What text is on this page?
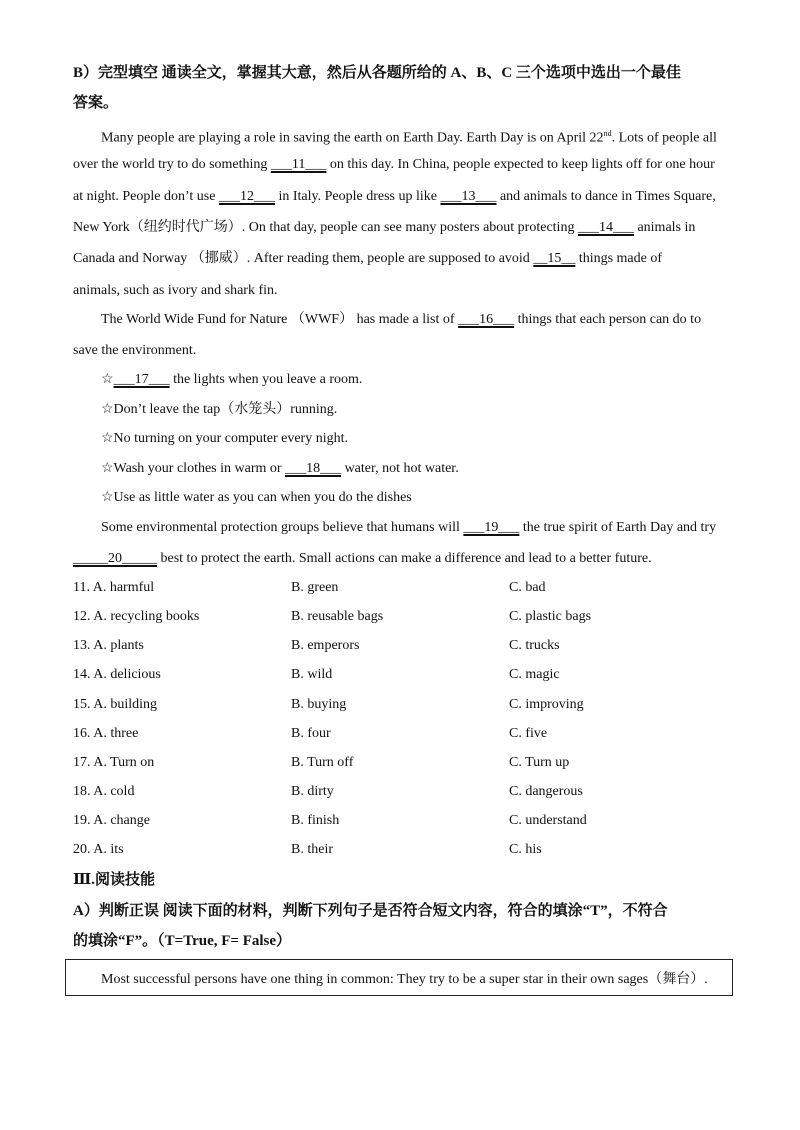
B）完型填空 通读全文，掌握其大意，然后从各题所给的 A、B、C 三个选项中选出一个最佳
答案。
Many people are playing a role in saving the earth on Earth Day. Earth Day is on April 22nd. Lots of people all
over the world try to do something ___11___ on this day. In China, people expected to keep lights off for one hour
at night. People don’t use ___12___ in Italy. People dress up like ___13___ and animals to dance in Times Square,
New York（纽约时代广场）. On that day, people can see many posters about protecting ___14___ animals in
Canada and Norway （挪威）. After reading them, people are supposed to avoid __15__ things made of
animals, such as ivory and shark fin.
The World Wide Fund for Nature （WWF） has made a list of ___16___ things that each person can do to
save the environment.
☆___17___ the lights when you leave a room.
☆Don’t leave the tap（水笼头）running.
☆No turning on your computer every night.
☆Wash your clothes in warm or ___18___ water, not hot water.
☆Use as little water as you can when you do the dishes
Some environmental protection groups believe that humans will ___19___ the true spirit of Earth Day and try
_____20_____ best to protect the earth. Small actions can make a difference and lead to a better future.
11. A. harmful	B. green	C. bad
12. A. recycling books	B. reusable bags	C. plastic bags
13. A. plants	B. emperors	C. trucks
14. A. delicious	B. wild	C. magic
15. A. building	B. buying	C. improving
16. A. three	B. four	C. five
17. A. Turn on	B. Turn off	C. Turn up
18. A. cold	B. dirty	C. dangerous
19. A. change	B. finish	C. understand
20. A. its	B. their	C. his
Ⅲ.阅读技能
A）判断正误 阅读下面的材料，判断下列句子是否符合短文内容，符合的填涂“T”，不符合
的填涂“F”。（T=True, F= False）
Most successful persons have one thing in common: They try to be a super star in their own sages（舞台）.
